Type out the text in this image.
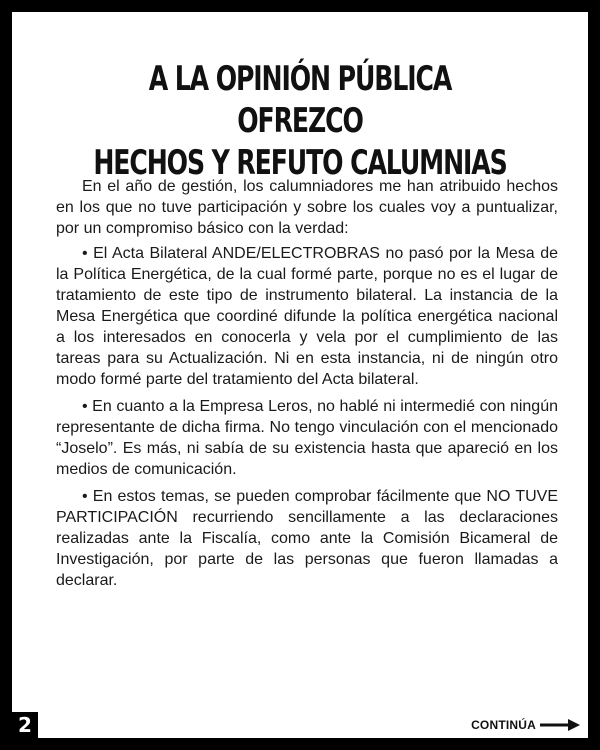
A LA OPINIÓN PÚBLICA OFREZCO
HECHOS Y REFUTO CALUMNIAS

En el año de gestión, los calumniadores me han atribuido hechos en los que no tuve participación y sobre los cuales voy a puntualizar, por un compromiso básico con la verdad:

• El Acta Bilateral ANDE/ELECTROBRAS no pasó por la Mesa de la Política Energética, de la cual formé parte, porque no es el lugar de tratamiento de este tipo de instrumento bilateral. La instancia de la Mesa Energética que coordiné difunde la política energética nacional a los interesados en conocerla y vela por el cumplimiento de las tareas para su Actualización. Ni en esta instancia, ni de ningún otro modo formé parte del tratamiento del Acta bilateral.

• En cuanto a la Empresa Leros, no hablé ni intermedié con ningún representante de dicha firma. No tengo vinculación con el mencionado “Joselo”. Es más, ni sabía de su existencia hasta que apareció en los medios de comunicación.

• En estos temas, se pueden comprobar fácilmente que NO TUVE PARTICIPACIÓN recurriendo sencillamente a las declaraciones realizadas ante la Fiscalía, como ante la Comisión Bicameral de Investigación, por parte de las personas que fueron llamadas a declarar.

2	CONTINÚA
